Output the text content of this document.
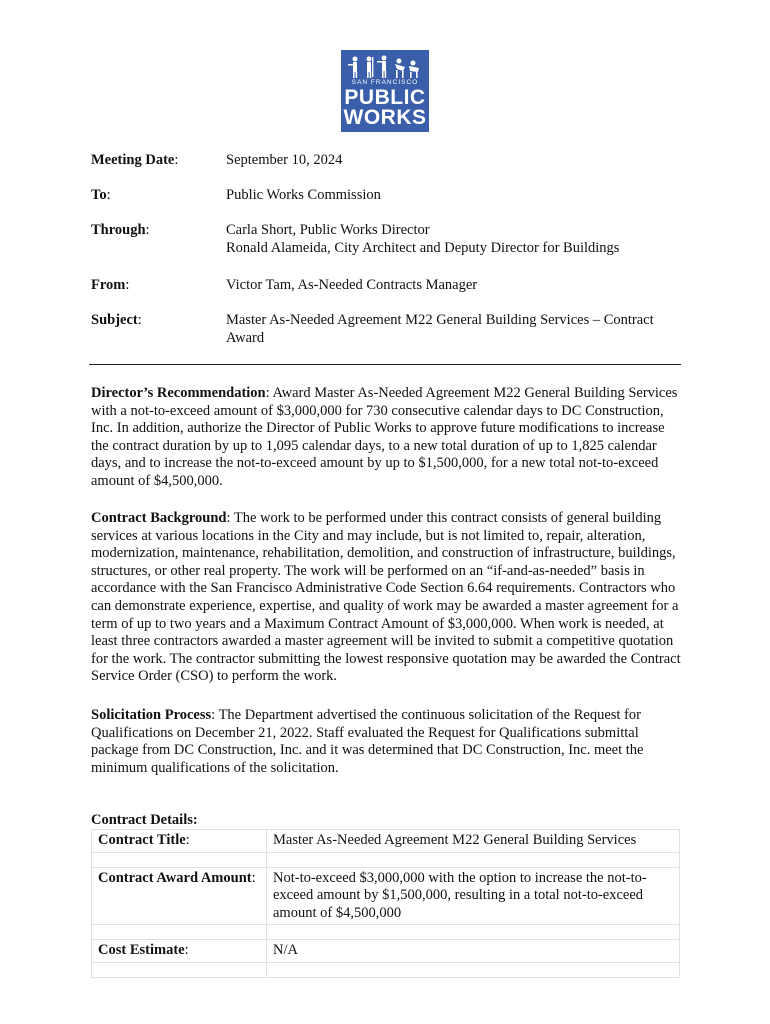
SAN FRANCISCO
PUBLIC
WORKS
Meeting Date:	September 10, 2024
To:	Public Works Commission
Through:	Carla Short, Public Works Director
Ronald Alameida, City Architect and Deputy Director for Buildings
From:	Victor Tam, As-Needed Contracts Manager
Subject:	Master As-Needed Agreement M22 General Building Services – Contract Award
Director’s Recommendation: Award Master As-Needed Agreement M22 General Building Services with a not-to-exceed amount of $3,000,000 for 730 consecutive calendar days to DC Construction, Inc. In addition, authorize the Director of Public Works to approve future modifications to increase the contract duration by up to 1,095 calendar days, to a new total duration of up to 1,825 calendar days, and to increase the not-to-exceed amount by up to $1,500,000, for a new total not-to-exceed amount of $4,500,000.
Contract Background: The work to be performed under this contract consists of general building services at various locations in the City and may include, but is not limited to, repair, alteration, modernization, maintenance, rehabilitation, demolition, and construction of infrastructure, buildings, structures, or other real property. The work will be performed on an “if-and-as-needed” basis in accordance with the San Francisco Administrative Code Section 6.64 requirements. Contractors who can demonstrate experience, expertise, and quality of work may be awarded a master agreement for a term of up to two years and a Maximum Contract Amount of $3,000,000. When work is needed, at least three contractors awarded a master agreement will be invited to submit a competitive quotation for the work. The contractor submitting the lowest responsive quotation may be awarded the Contract Service Order (CSO) to perform the work.
Solicitation Process: The Department advertised the continuous solicitation of the Request for Qualifications on December 21, 2022. Staff evaluated the Request for Qualifications submittal package from DC Construction, Inc. and it was determined that DC Construction, Inc. meet the minimum qualifications of the solicitation.
Contract Details:
Contract Title:	Master As-Needed Agreement M22 General Building Services

Contract Award Amount:	Not-to-exceed $3,000,000 with the option to increase the not-to-exceed amount by $1,500,000, resulting in a total not-to-exceed amount of $4,500,000

Cost Estimate:	N/A
